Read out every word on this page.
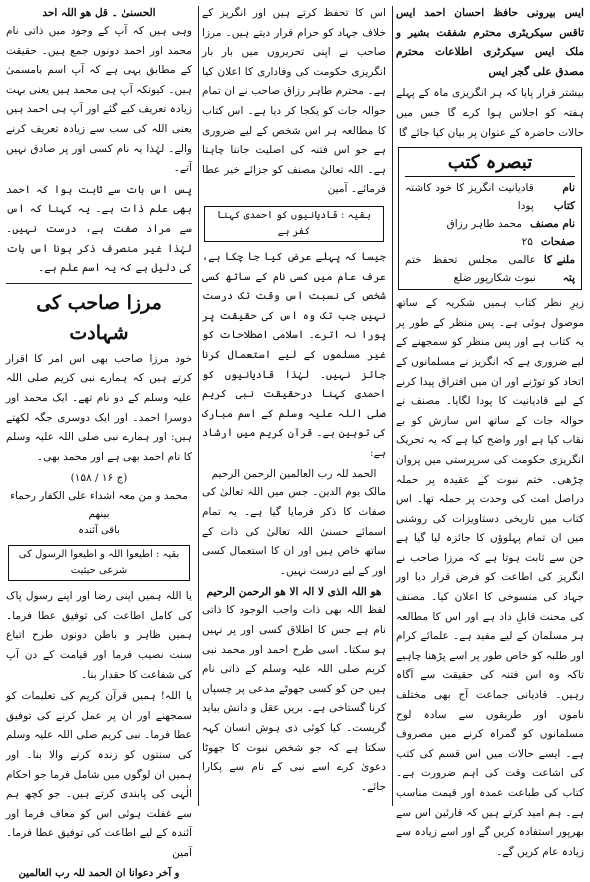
ایس بیرونی حافظ احسان احمد ایس تاقس سیکریٹری محترم شفقت بشیر و ملک ایس سیکرٹری اطلاعات محترم مصدق علی گجر ایس

بیشتر قرار پایا کہ ہر انگریزی ماہ کے پہلے ہفتہ کو اجلاس ہوا کرے گا جس میں حالات حاضرہ کے عنوان پر بیان کیا جائے گا

تبصرہ کتب
نام کتاب
قادیانیت انگریز کا خود کاشتہ پودا
نام مصنف
محمد طاہر رزاق
صفحات
۲۵
ملنے کا پتہ
عالمی مجلس تحفظ ختم نبوت شکارپور ضلع

زیرِ نظر کتاب ہمیں شکریہ کے ساتھ موصول ہوئی ہے۔ پس منظر کے طور پر یہ کتاب ہے اور پس منظر کو سمجھنے کے لیے ضروری ہے کہ انگریز نے مسلمانوں کے اتحاد کو توڑنے اور ان میں افتراق پیدا کرنے کے لیے قادیانیت کا پودا لگایا۔ مصنف نے حوالہ جات کے ساتھ اس سازش کو بے نقاب کیا ہے اور واضح کیا ہے کہ یہ تحریک انگریزی حکومت کی سرپرستی میں پروان چڑھی۔ ختم نبوت کے عقیدہ پر حملہ دراصل امت کی وحدت پر حملہ تھا۔ اس کتاب میں تاریخی دستاویزات کی روشنی میں ان تمام پہلوؤں کا جائزہ لیا گیا ہے جن سے ثابت ہوتا ہے کہ مرزا صاحب نے انگریز کی اطاعت کو فرض قرار دیا اور جہاد کی منسوخی کا اعلان کیا۔ مصنف کی محنت قابلِ داد ہے اور اس کا مطالعہ ہر مسلمان کے لیے مفید ہے۔ علمائے کرام اور طلبہ کو خاص طور پر اسے پڑھنا چاہیے تاکہ وہ اس فتنہ کی حقیقت سے آگاہ رہیں۔ قادیانی جماعت آج بھی مختلف ناموں اور طریقوں سے سادہ لوح مسلمانوں کو گمراہ کرنے میں مصروف ہے۔ ایسے حالات میں اس قسم کی کتب کی اشاعت وقت کی اہم ضرورت ہے۔ کتاب کی طباعت عمدہ اور قیمت مناسب ہے۔ ہم امید کرتے ہیں کہ قارئین اس سے بھرپور استفادہ کریں گے اور اسے زیادہ سے زیادہ عام کریں گے۔

اس کا تحفظ کرتے ہیں اور انگریز کے خلاف جہاد کو حرام قرار دیتے ہیں۔ مرزا صاحب نے اپنی تحریروں میں بار بار انگریزی حکومت کی وفاداری کا اعلان کیا ہے۔ محترم طاہر رزاق صاحب نے ان تمام حوالہ جات کو یکجا کر دیا ہے۔ اس کتاب کا مطالعہ ہر اس شخص کے لیے ضروری ہے جو اس فتنہ کی اصلیت جاننا چاہتا ہے۔ اللہ تعالیٰ مصنف کو جزائے خیر عطا فرمائے۔ آمین

بقیہ : قادیانیوں کو احمدی کہنا کفر ہے

جیسا کہ پہلے عرض کیا جا چکا ہے، عرف عام میں کسی نام کے ساتھ کسی شخص کی نسبت اس وقت تک درست نہیں جب تک وہ اس کی حقیقت پر پورا نہ اترے۔ اسلامی اصطلاحات کو غیر مسلموں کے لیے استعمال کرنا جائز نہیں۔ لہٰذا قادیانیوں کو احمدی کہنا درحقیقت نبی کریم صلی اللہ علیہ وسلم کے اسم مبارک کی توہین ہے۔ قرآن کریم میں ارشاد ہے:

الحمد للہ رب العالمین الرحمن الرحیم

مالک یوم الدین۔ جس میں اللہ تعالیٰ کی صفات کا ذکر فرمایا گیا ہے۔ یہ تمام اسمائے حسنیٰ اللہ تعالیٰ کی ذات کے ساتھ خاص ہیں اور ان کا استعمال کسی اور کے لیے درست نہیں۔

ھو اللہ الذی لا الہ الا ھو الرحمن الرحیم

لفظ اللہ بھی ذات واجب الوجود کا ذاتی نام ہے جس کا اطلاق کسی اور پر نہیں ہو سکتا۔ اسی طرح احمد اور محمد نبی کریم صلی اللہ علیہ وسلم کے ذاتی نام ہیں جن کو کسی جھوٹے مدعی پر چسپاں کرنا گستاخی ہے۔ بریں عقل و دانش بباید گریست۔ کیا کوئی ذی ہوش انسان کہہ سکتا ہے کہ جو شخص نبوت کا جھوٹا دعویٰ کرے اسے نبی کے نام سے پکارا جائے۔

الحسنیٰ ۔ قل ھو اللہ احد

وہی ہیں کہ آپ کے وجود میں ذاتی نام محمد اور احمد دونوں جمع ہیں۔ حقیقت کے مطابق یہی ہے کہ آپ اسم بامسمیٰ ہیں۔ کیونکہ آپ ہی محمد ہیں یعنی بہت زیادہ تعریف کیے گئے اور آپ ہی احمد ہیں یعنی اللہ کی سب سے زیادہ تعریف کرنے والے۔ لہٰذا یہ نام کسی اور پر صادق نہیں آتے۔

پس اس بات سے ثابت ہوا کہ احمد بھی علم ذات ہے۔ یہ کہنا کہ اس سے مراد صفت ہے، درست نہیں۔ لہٰذا غیر منصرف ذکر ہونا اس بات کی دلیل ہے کہ یہ اسم علم ہے۔

مرزا صاحب کی شہادت

خود مرزا صاحب بھی اس امر کا اقرار کرتے ہیں کہ ہمارے نبی کریم صلی اللہ علیہ وسلم کے دو نام تھے۔ ایک محمد اور دوسرا احمد۔ اور ایک دوسری جگہ لکھتے ہیں: اور ہمارے نبی صلی اللہ علیہ وسلم کا نام احمد بھی ہے اور محمد بھی۔

(ج ۱۶ / ۱۵۸)
محمد و من معہ اشداء علی الکفار رحماء بینھم
باقی آئندہ
بقیہ : اطیعوا اللہ و اطیعوا الرسول کی شرعی حیثیت

یا اللہ ہمیں اپنی رضا اور اپنے رسول پاک کی کامل اطاعت کی توفیق عطا فرما۔ ہمیں ظاہر و باطن دونوں طرح اتباع سنت نصیب فرما اور قیامت کے دن آپ کی شفاعت کا حقدار بنا۔

یا اللہ! ہمیں قرآن کریم کی تعلیمات کو سمجھنے اور ان پر عمل کرنے کی توفیق عطا فرما۔ نبی کریم صلی اللہ علیہ وسلم کی سنتوں کو زندہ کرنے والا بنا۔ اور ہمیں ان لوگوں میں شامل فرما جو احکام الٰہی کی پابندی کرتے ہیں۔ جو کچھ ہم سے غفلت ہوئی اس کو معاف فرما اور آئندہ کے لیے اطاعت کی توفیق عطا فرما۔ آمین

و آخر دعوانا ان الحمد للہ رب العالمین
